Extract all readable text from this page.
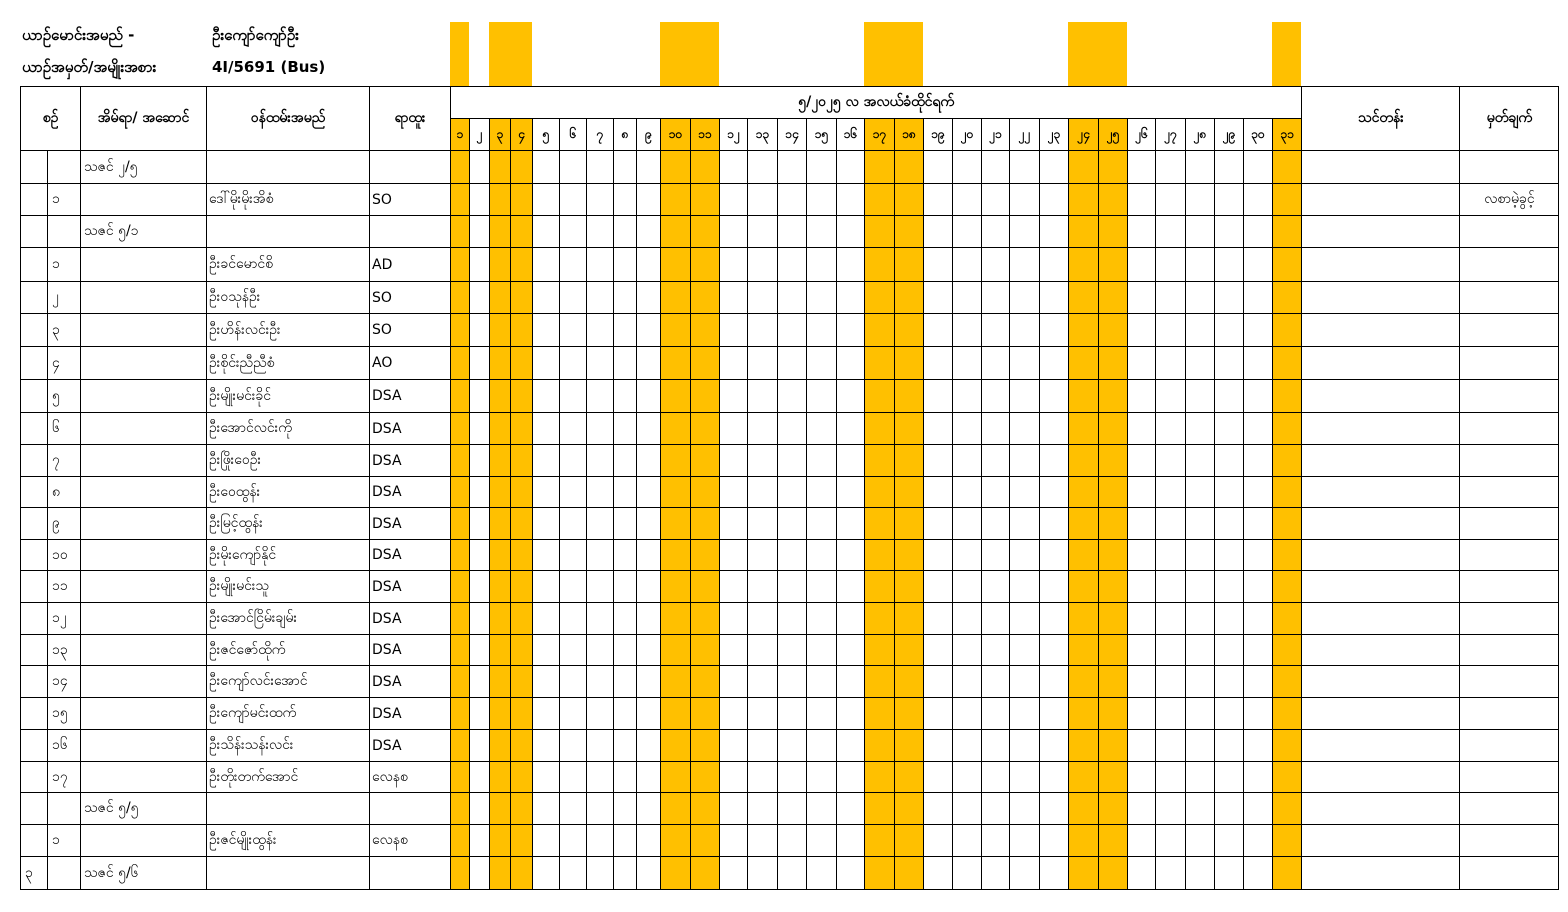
ယာဉ်မောင်းအမည် -	ဦးကျော်ကျော်ဦး
ယာဉ်အမှတ်/အမျိုးအစား	4I/5691 (Bus)
စဉ်		အိမ်ရာ/ အဆောင်	ဝန်ထမ်းအမည်	ရာထူး	၅/၂၀၂၅ လ အလယ်ခံထိုင်ရက်																															သင်တန်း	မှတ်ချက်
					၁	၂	၃	၄	၅	၆	၇	၈	၉	၁၀	၁၁	၁၂	၁၃	၁၄	၁၅	၁၆	၁၇	၁၈	၁၉	၂၀	၂၁	၂၂	၂၃	၂၄	၂၅	၂၆	၂၇	၂၈	၂၉	၃၀	၃၁		
		သဇင် ၂/၅																																			
	၁		ဒေါ်မိုးမိုးအိစံ	SO																																	လစာမဲ့ခွင့်
		သဇင် ၅/၁																																			
	၁		ဦးခင်မောင်စိ	AD																																	
	၂		ဦးဝသုန်ဦး	SO																																	
	၃		ဦးဟိန်းလင်းဦး	SO																																	
	၄		ဦးစိုင်းညီညီစံ	AO																																	
	၅		ဦးမျိုးမင်းခိုင်	DSA																																	
	၆		ဦးအောင်လင်းကို	DSA																																	
	၇		ဦးဖြိုးဝေဦး	DSA																																	
	၈		ဦးဝေထွန်း	DSA																																	
	၉		ဦးမြင့်ထွန်း	DSA																																	
	၁၀		ဦးမိုးကျော်နိုင်	DSA																																	
	၁၁		ဦးမျိုးမင်းသူ	DSA																																	
	၁၂		ဦးအောင်ငြိမ်းချမ်း	DSA																																	
	၁၃		ဦးဇင်ဇော်ထိုက်	DSA																																	
	၁၄		ဦးကျော်လင်းအောင်	DSA																																	
	၁၅		ဦးကျော်မင်းထက်	DSA																																	
	၁၆		ဦးသိန်းသန်းလင်း	DSA																																	
	၁၇		ဦးတိုးတက်အောင်	လေနစ																																	
		သဇင် ၅/၅																																			
	၁		ဦးဇင်မျိုးထွန်း	လေနစ																																	
၃		သဇင် ၅/၆																																			
